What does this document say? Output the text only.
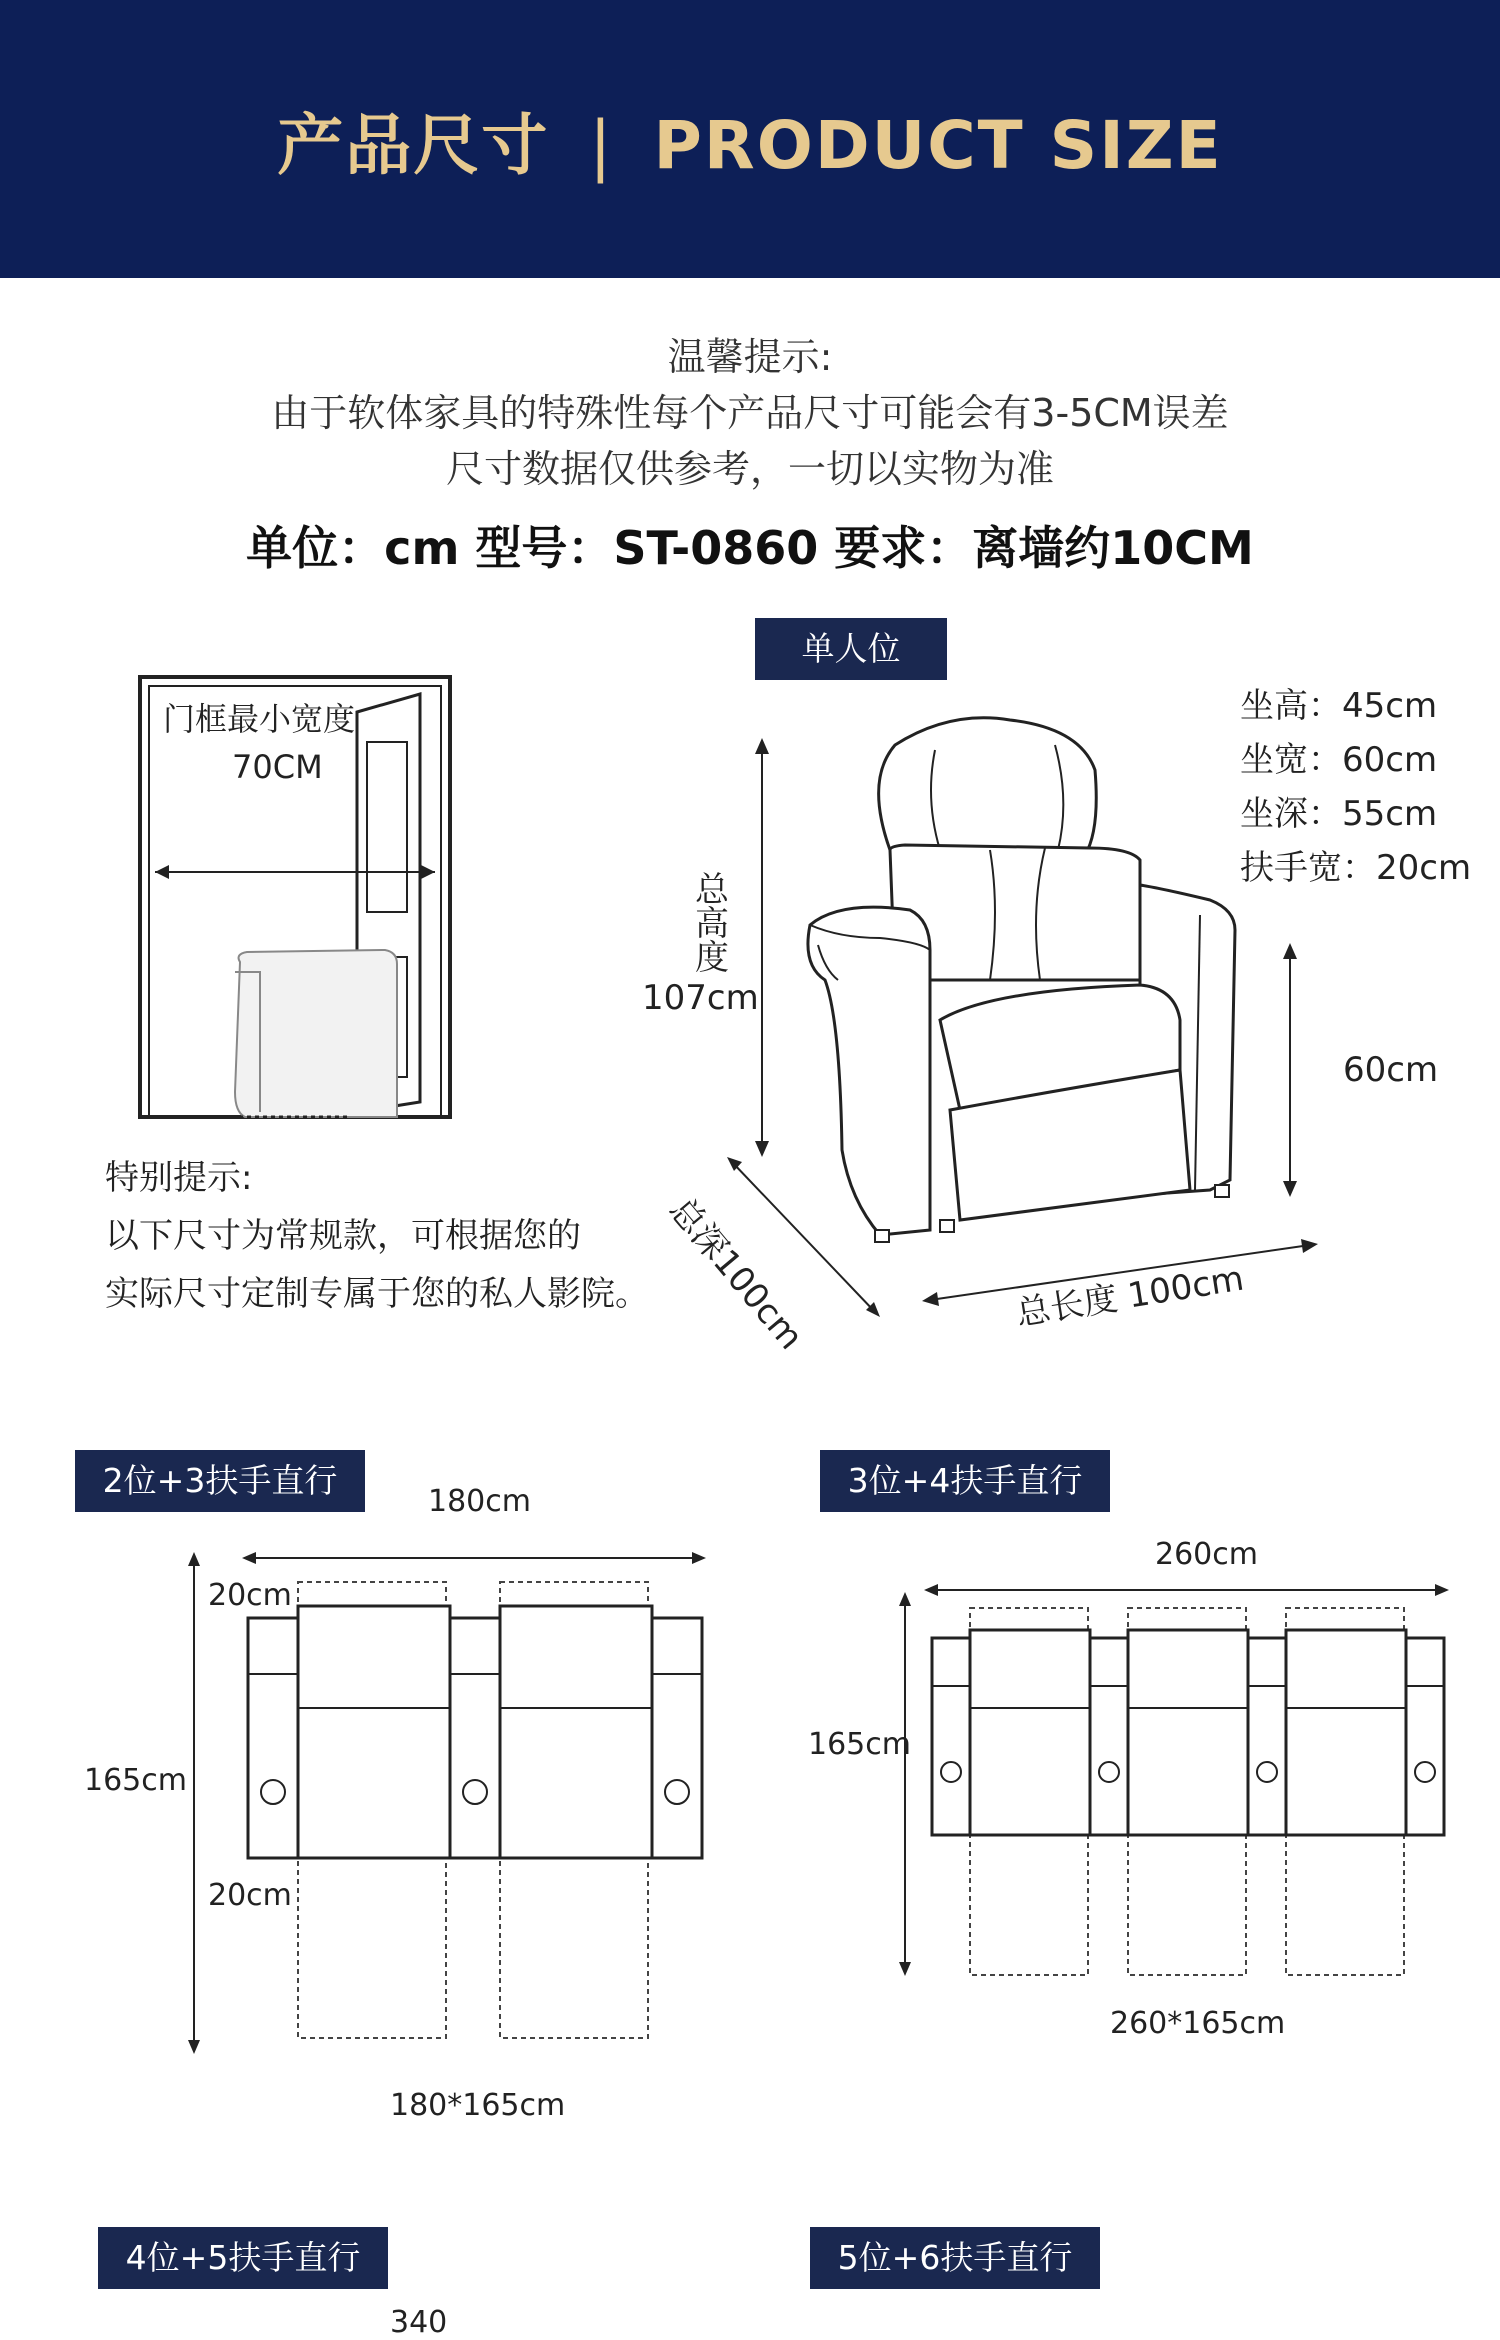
产品尺寸 | PRODUCT SIZE
温馨提示:
由于软体家具的特殊性每个产品尺寸可能会有3-5CM误差
尺寸数据仅供参考，一切以实物为准
单位：cm 型号：ST-0860 要求：离墙约10CM
门框最小宽度
70CM
特别提示:
以下尺寸为常规款，可根据您的
实际尺寸定制专属于您的私人影院。
单人位
坐高：45cm
坐宽：60cm
坐深：55cm
扶手宽：20cm
总
高
度
107cm
60cm
总深100cm	总长度 100cm
2位+3扶手直行
180cm
165cm
20cm
20cm
180*165cm
3位+4扶手直行
260cm
165cm
260*165cm
4位+5扶手直行
340
5位+6扶手直行
